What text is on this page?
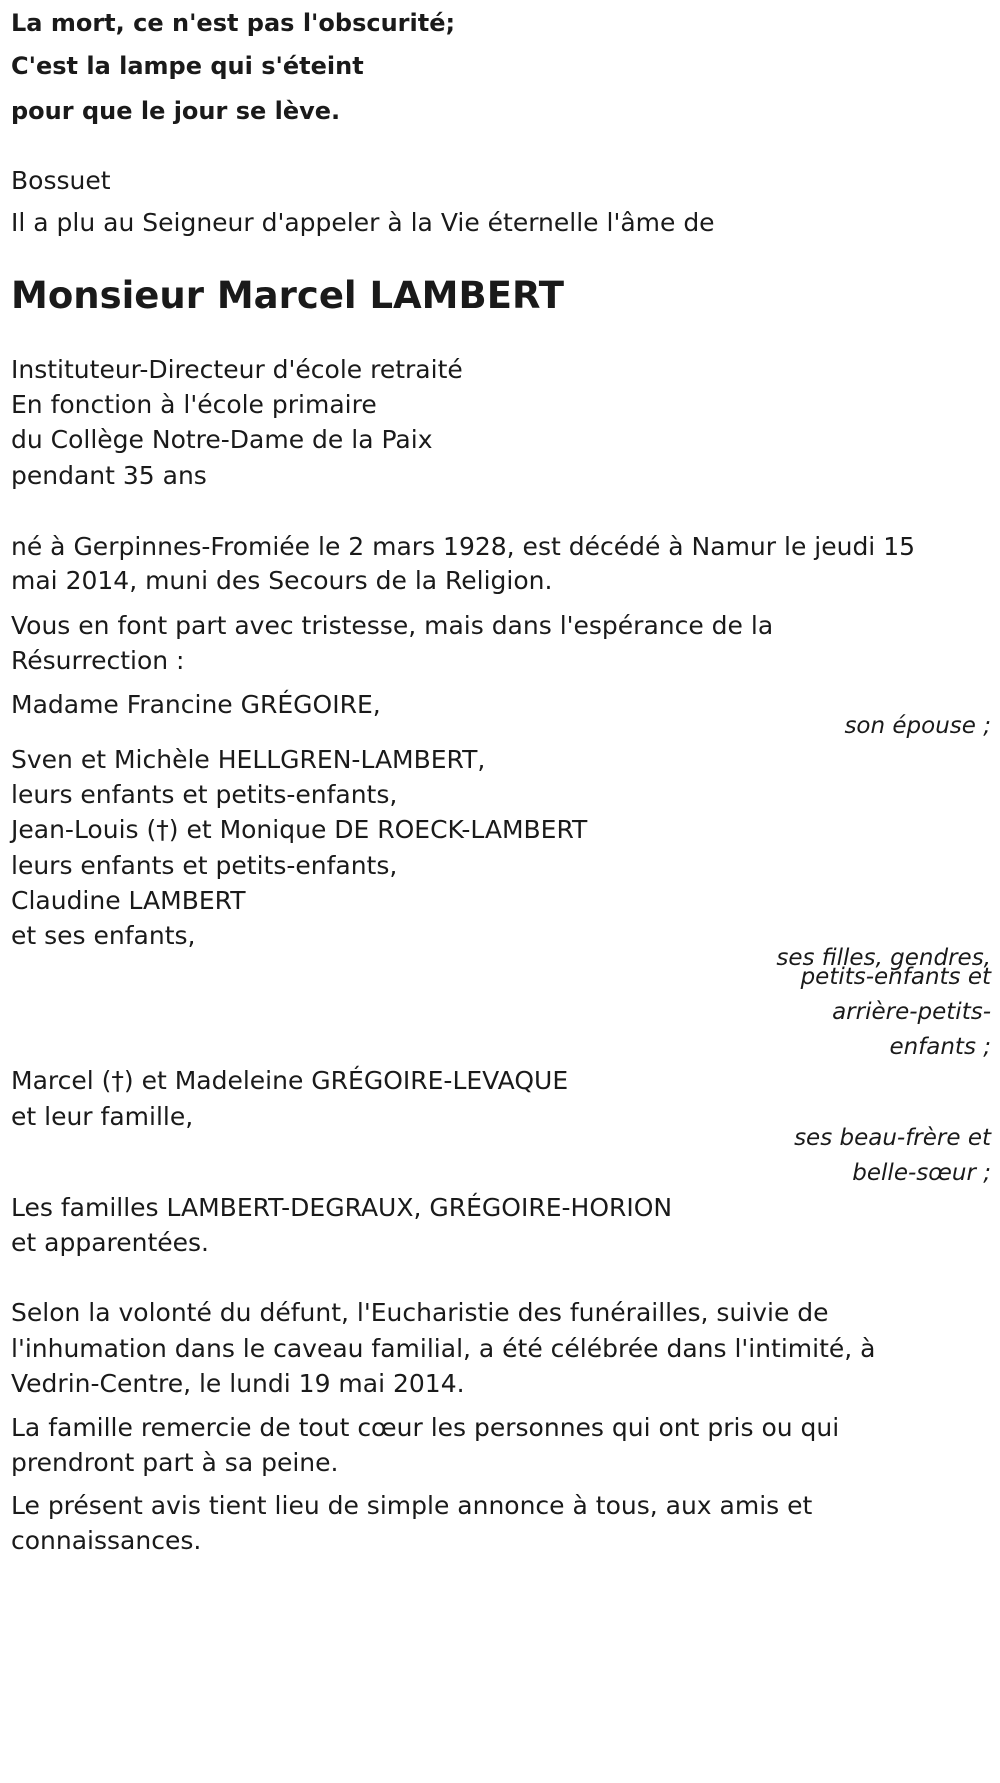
La mort, ce n'est pas l'obscurité;
C'est la lampe qui s'éteint
pour que le jour se lève.
Bossuet
Il a plu au Seigneur d'appeler à la Vie éternelle l'âme de
Monsieur Marcel LAMBERT
Instituteur-Directeur d'école retraité
En fonction à l'école primaire
du Collège Notre-Dame de la Paix
pendant 35 ans
né à Gerpinnes-Fromiée le 2 mars 1928, est décédé à Namur le jeudi 15
mai 2014, muni des Secours de la Religion.
Vous en font part avec tristesse, mais dans l'espérance de la
Résurrection :
Madame Francine GRÉGOIRE,
son épouse ;
Sven et Michèle HELLGREN-LAMBERT,
leurs enfants et petits-enfants,
Jean-Louis (†) et Monique DE ROECK-LAMBERT
leurs enfants et petits-enfants,
Claudine LAMBERT
et ses enfants,
ses filles, gendres,
petits-enfants et
arrière-petits-
enfants ;
Marcel (†) et Madeleine GRÉGOIRE-LEVAQUE
et leur famille,
ses beau-frère et
belle-sœur ;
Les familles LAMBERT-DEGRAUX, GRÉGOIRE-HORION
et apparentées.
Selon la volonté du défunt, l'Eucharistie des funérailles, suivie de
l'inhumation dans le caveau familial, a été célébrée dans l'intimité, à
Vedrin-Centre, le lundi 19 mai 2014.
La famille remercie de tout cœur les personnes qui ont pris ou qui
prendront part à sa peine.
Le présent avis tient lieu de simple annonce à tous, aux amis et
connaissances.
